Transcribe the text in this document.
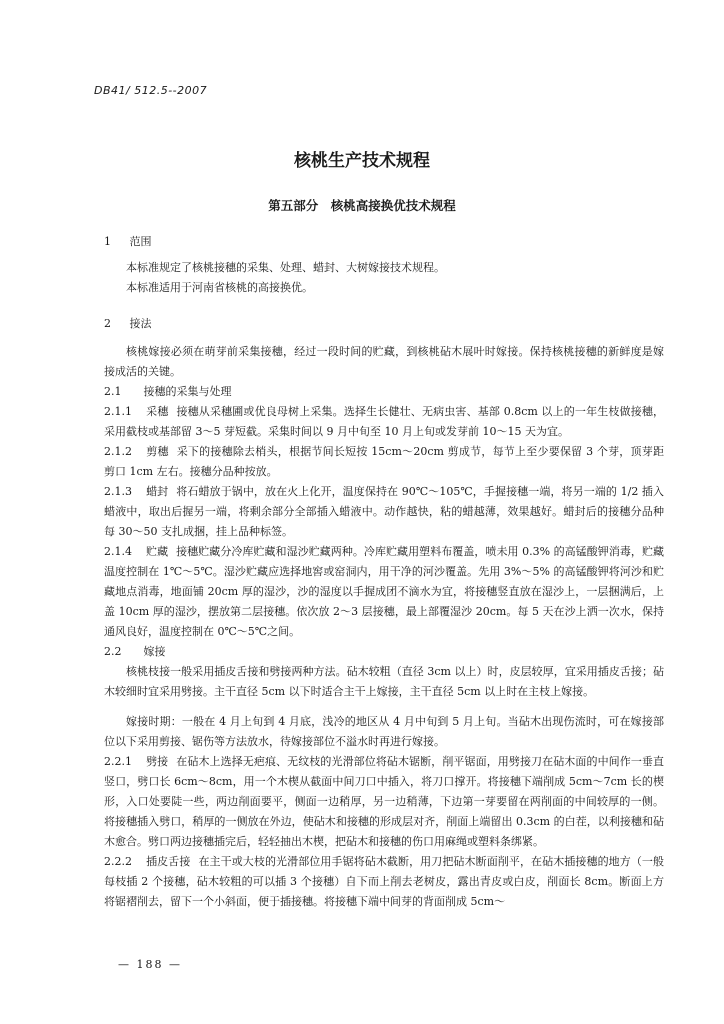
DB41/ 512.5--2007
核桃生产技术规程
第五部分　核桃高接换优技术规程
1 范围

本标准规定了核桃接穗的采集、处理、蜡封、大树嫁接技术规程。

本标准适用于河南省核桃的高接换优。

2 接法

核桃嫁接必须在萌芽前采集接穗，经过一段时间的贮藏，到核桃砧木展叶时嫁接。保持核桃接穗的新鲜度是嫁接成活的关键。

2.1 接穗的采集与处理

2.1.1 采穗 接穗从采穗圃或优良母树上采集。选择生长健壮、无病虫害、基部 0.8cm 以上的一年生枝做接穗，采用截枝或基部留 3～5 芽短截。采集时间以 9 月中旬至 10 月上旬或发芽前 10～15 天为宜。

2.1.2 剪穗 采下的接穗除去梢头，根据节间长短按 15cm～20cm 剪成节，每节上至少要保留 3 个芽，顶芽距剪口 1cm 左右。接穗分品种按放。

2.1.3 蜡封 将石蜡放于锅中，放在火上化开，温度保持在 90℃～105℃，手握接穗一端，将另一端的 1/2 插入蜡液中，取出后握另一端，将剩余部分全部插入蜡液中。动作越快，粘的蜡越薄，效果越好。蜡封后的接穗分品种每 30～50 支扎成捆，挂上品种标签。

2.1.4 贮藏 接穗贮藏分冷库贮藏和湿沙贮藏两种。冷库贮藏用塑料布覆盖，喷未用 0.3% 的高锰酸钾消毒，贮藏温度控制在 1℃～5℃。湿沙贮藏应选择地窖或窑洞内，用干净的河沙覆盖。先用 3%～5% 的高锰酸钾将河沙和贮藏地点消毒，地面铺 20cm 厚的湿沙，沙的湿度以手握成团不滴水为宜，将接穗竖直放在湿沙上，一层捆满后，上盖 10cm 厚的湿沙，摆放第二层接穗。依次放 2～3 层接穗，最上部覆湿沙 20cm。每 5 天在沙上洒一次水，保持通风良好，温度控制在 0℃～5℃之间。

2.2 嫁接

核桃枝接一般采用插皮舌接和劈接两种方法。砧木较粗（直径 3cm 以上）时，皮层较厚，宜采用插皮舌接；砧木较细时宜采用劈接。主干直径 5cm 以下时适合主干上嫁接，主干直径 5cm 以上时在主枝上嫁接。

嫁接时期：一般在 4 月上旬到 4 月底，浅冷的地区从 4 月中旬到 5 月上旬。当砧木出现伤流时，可在嫁接部位以下采用剪接、锯伤等方法放水，待嫁接部位不溢水时再进行嫁接。

2.2.1 劈接 在砧木上选择无疤痕、无纹枝的光滑部位将砧木锯断，削平锯面，用劈接刀在砧木面的中间作一垂直竖口，劈口长 6cm～8cm，用一个木楔从截面中间刀口中插入，将刀口撑开。将接穗下端削成 5cm～7cm 长的楔形，入口处要陡一些，两边削面要平，侧面一边稍厚，另一边稍薄，下边第一芽要留在两削面的中间较厚的一侧。将接穗插入劈口，稍厚的一侧放在外边，使砧木和接穗的形成层对齐，削面上端留出 0.3cm 的白茬，以利接穗和砧木愈合。劈口两边接穗插完后，轻轻抽出木楔，把砧木和接穗的伤口用麻绳或塑料条绑紧。

2.2.2 插皮舌接 在主干或大枝的光滑部位用手锯将砧木截断，用刀把砧木断面削平，在砧木插接穗的地方（一般每枝插 2 个接穗，砧木较粗的可以插 3 个接穗）自下而上削去老树皮，露出青皮或白皮，削面长 8cm。断面上方将锯褶削去，留下一个小斜面，便于插接穗。将接穗下端中间芽的背面削成 5cm～

— 188 —
